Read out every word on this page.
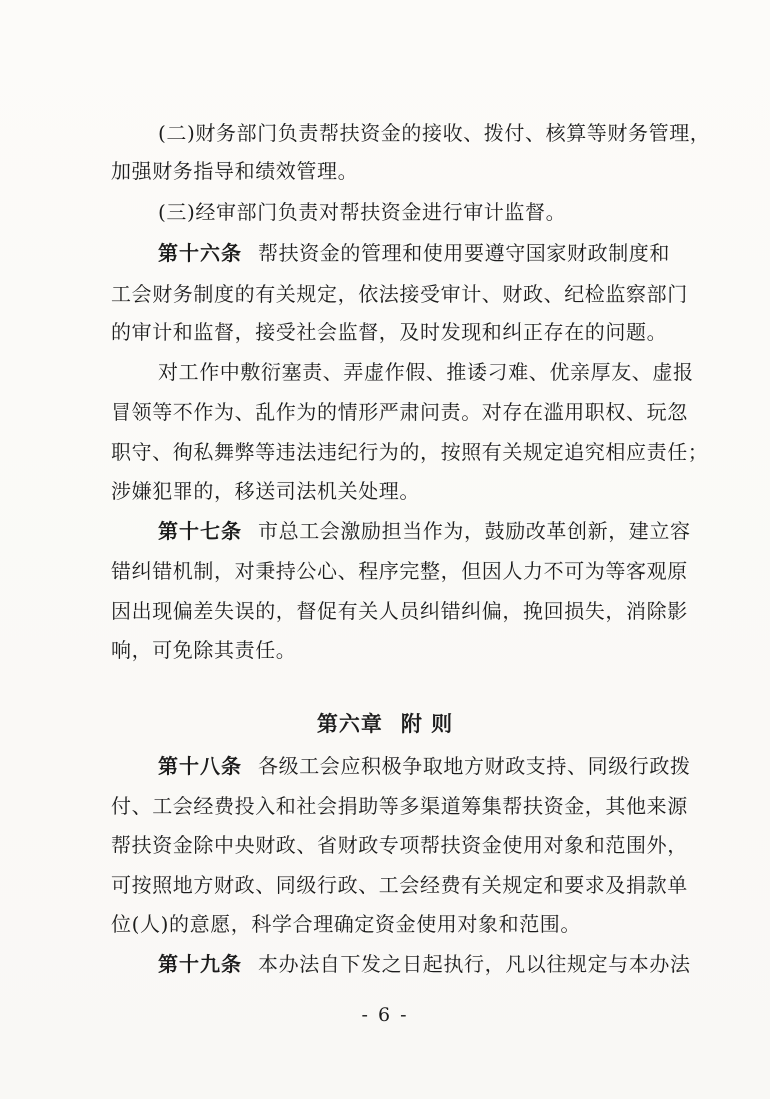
(二)财务部门负责帮扶资金的接收、拨付、核算等财务管理，
加强财务指导和绩效管理。
(三)经审部门负责对帮扶资金进行审计监督。
第十六条 帮扶资金的管理和使用要遵守国家财政制度和
工会财务制度的有关规定，依法接受审计、财政、纪检监察部门
的审计和监督，接受社会监督，及时发现和纠正存在的问题。
对工作中敷衍塞责、弄虚作假、推诿刁难、优亲厚友、虚报
冒领等不作为、乱作为的情形严肃问责。对存在滥用职权、玩忽
职守、徇私舞弊等违法违纪行为的，按照有关规定追究相应责任；
涉嫌犯罪的，移送司法机关处理。
第十七条 市总工会激励担当作为，鼓励改革创新，建立容
错纠错机制，对秉持公心、程序完整，但因人力不可为等客观原
因出现偏差失误的，督促有关人员纠错纠偏，挽回损失，消除影
响，可免除其责任。
第六章 附 则
第十八条 各级工会应积极争取地方财政支持、同级行政拨
付、工会经费投入和社会捐助等多渠道筹集帮扶资金，其他来源
帮扶资金除中央财政、省财政专项帮扶资金使用对象和范围外，
可按照地方财政、同级行政、工会经费有关规定和要求及捐款单
位(人)的意愿，科学合理确定资金使用对象和范围。
第十九条 本办法自下发之日起执行，凡以往规定与本办法
- 6 -
